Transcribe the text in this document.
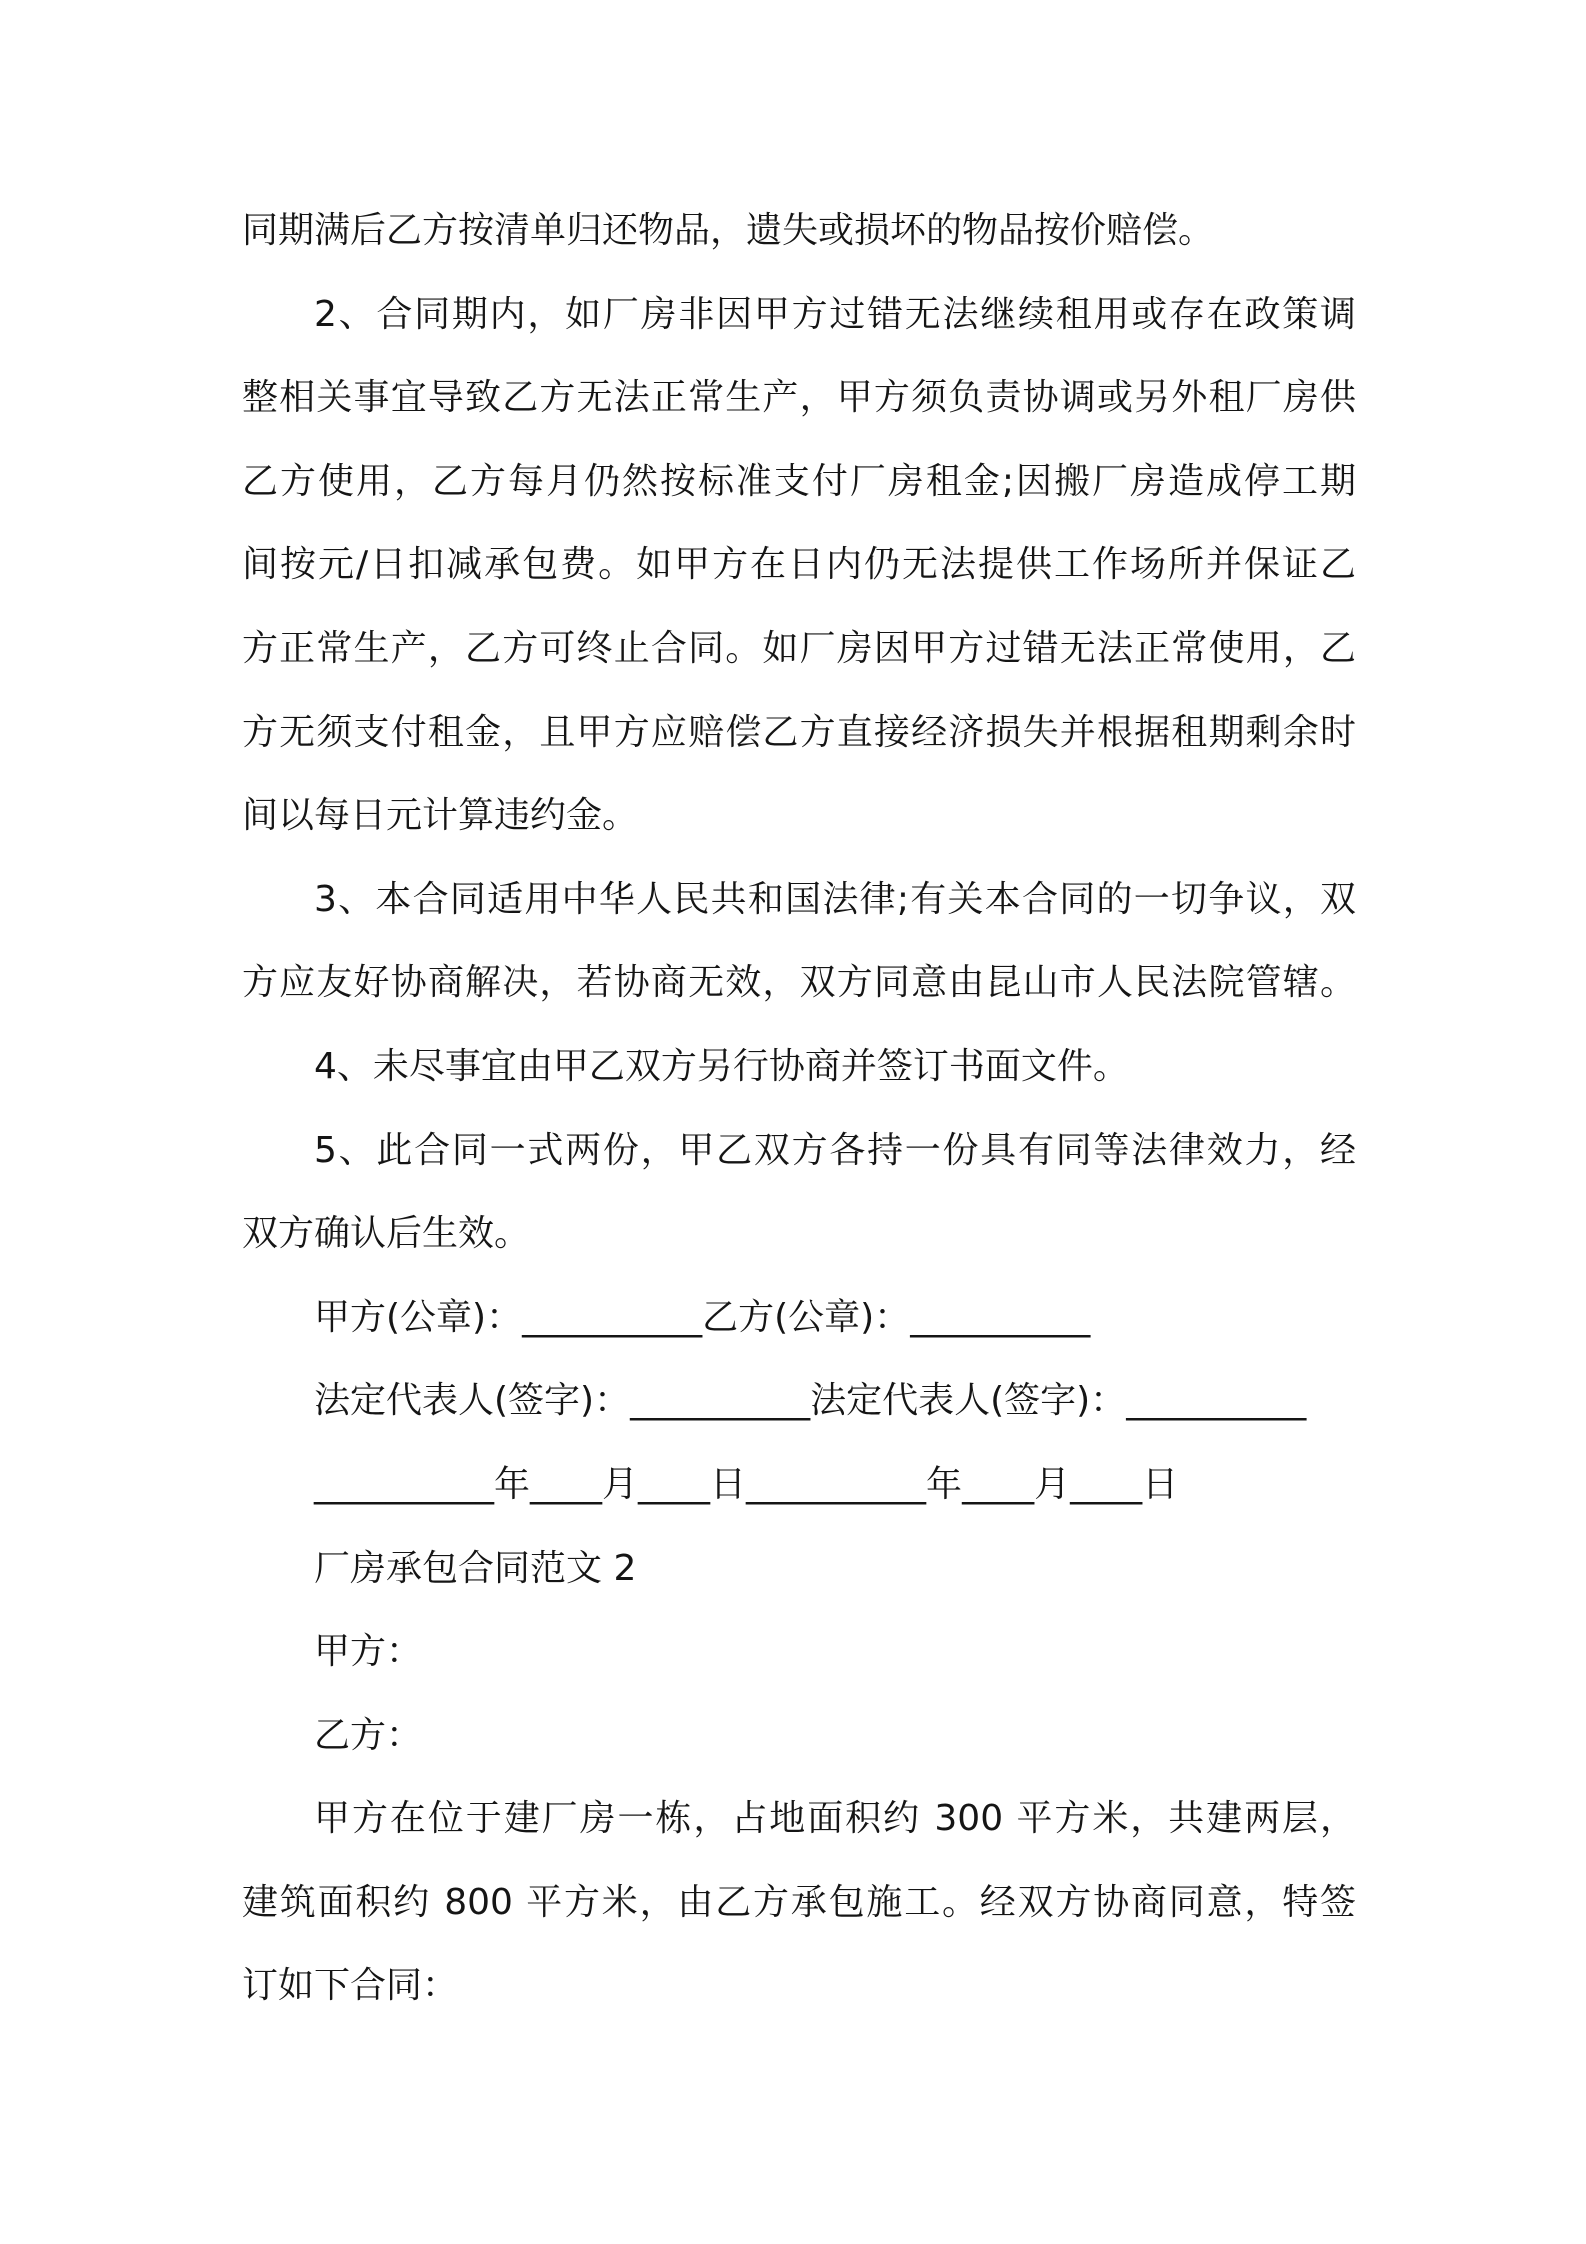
同期满后乙方按清单归还物品，遗失或损坏的物品按价赔偿。
2、合同期内，如厂房非因甲方过错无法继续租用或存在政策调
整相关事宜导致乙方无法正常生产，甲方须负责协调或另外租厂房供
乙方使用，乙方每月仍然按标准支付厂房租金;因搬厂房造成停工期
间按元/日扣减承包费。如甲方在日内仍无法提供工作场所并保证乙
方正常生产，乙方可终止合同。如厂房因甲方过错无法正常使用，乙
方无须支付租金，且甲方应赔偿乙方直接经济损失并根据租期剩余时
间以每日元计算违约金。
3、本合同适用中华人民共和国法律;有关本合同的一切争议，双
方应友好协商解决，若协商无效，双方同意由昆山市人民法院管辖。
4、未尽事宜由甲乙双方另行协商并签订书面文件。
5、此合同一式两份，甲乙双方各持一份具有同等法律效力，经
双方确认后生效。
甲方(公章)：__________乙方(公章)：__________
法定代表人(签字)：__________法定代表人(签字)：__________
__________年____月____日__________年____月____日
厂房承包合同范文 2
甲方：
乙方：
甲方在位于建厂房一栋，占地面积约 300 平方米，共建两层，
建筑面积约 800 平方米，由乙方承包施工。经双方协商同意，特签
订如下合同：
